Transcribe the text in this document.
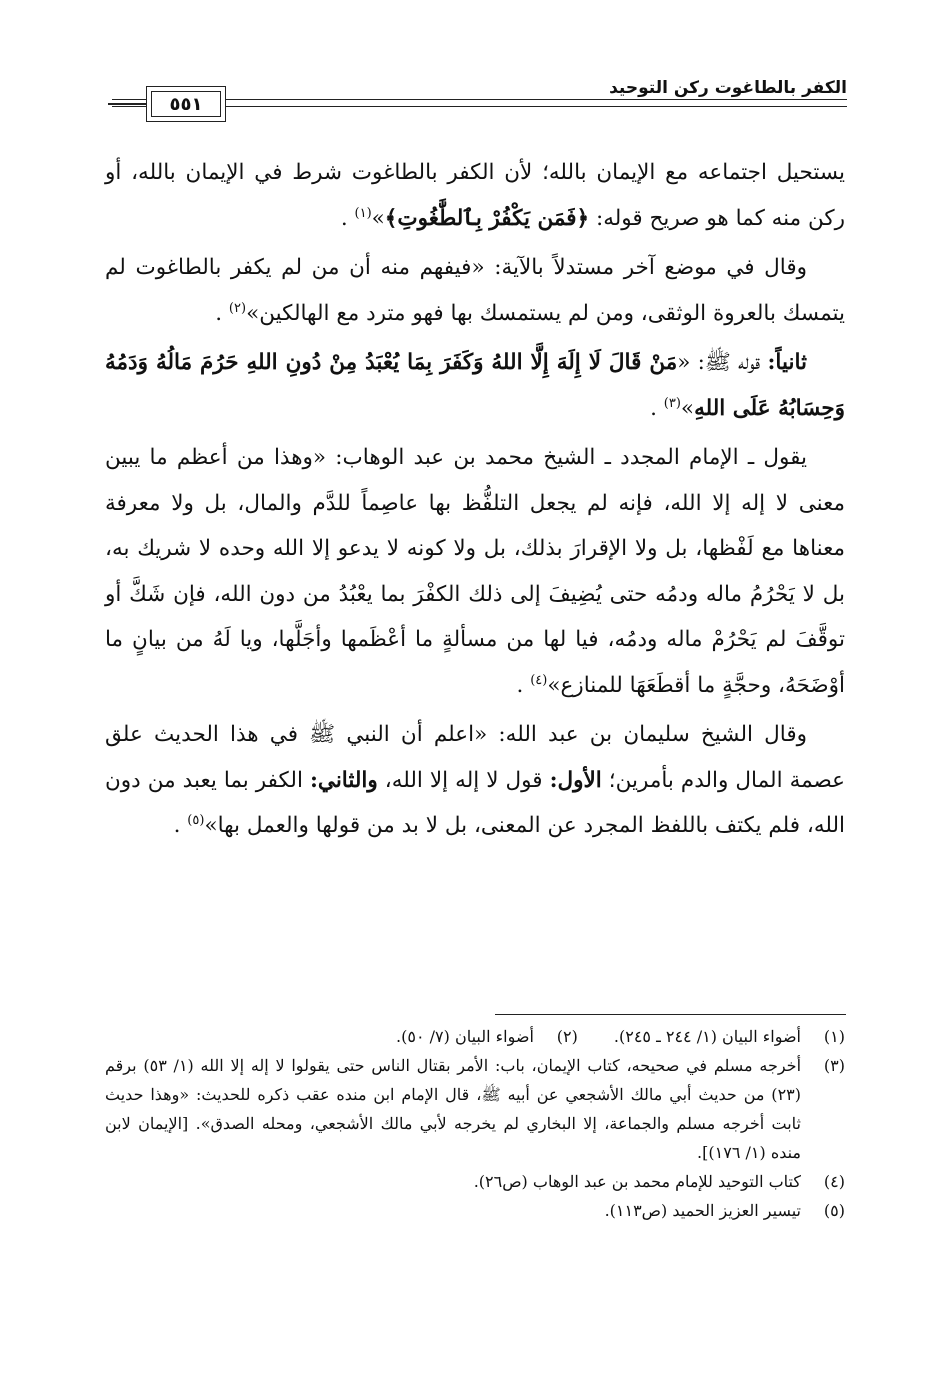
الكفر بالطاغوت ركن التوحيد
٥٥١

يستحيل اجتماعه مع الإيمان بالله؛ لأن الكفر بالطاغوت شرط في الإيمان بالله، أو ركن منه كما هو صريح قوله: ﴿فَمَن يَكْفُرْ بِٱلطَّٰغُوتِ﴾»$^{(١)}$ .

وقال في موضع آخر مستدلاً بالآية: «فيفهم منه أن من لم يكفر بالطاغوت لم يتمسك بالعروة الوثقى، ومن لم يستمسك بها فهو مترد مع الهالكين»$^{(٢)}$ .

ثانياً: قوله ﷺ: «مَنْ قَالَ لَا إِلَهَ إِلَّا اللهُ وَكَفَرَ بِمَا يُعْبَدُ مِنْ دُونِ اللهِ حَرُمَ مَالُهُ وَدَمُهُ وَحِسَابُهُ عَلَى اللهِ»$^{(٣)}$ .

يقول ـ الإمام المجدد ـ الشيخ محمد بن عبد الوهاب: «وهذا من أعظم ما يبين معنى لا إله إلا الله، فإنه لم يجعل التلفُّظ بها عاصِماً للدَّم والمال، بل ولا معرفة معناها مع لَفْظها، بل ولا الإقرارَ بذلك، بل ولا كونه لا يدعو إلا الله وحده لا شريك به، بل لا يَحْرُمُ ماله ودمُه حتى يُضِيفَ إلى ذلك الكفْرَ بما يعْبُدُ من دون الله، فإن شَكَّ أو توقَّفَ لم يَحْرُمْ ماله ودمُه، فيا لها من مسألةٍ ما أعْظَمها وأجَلَّها، ويا لَهُ من بيانٍ ما أوْضَحَهُ، وحجَّةٍ ما أقطَعَهَا للمنازع»$^{(٤)}$ .

وقال الشيخ سليمان بن عبد الله: «اعلم أن النبي ﷺ في هذا الحديث علق عصمة المال والدم بأمرين؛ الأول: قول لا إله إلا الله، والثاني: الكفر بما يعبد من دون الله، فلم يكتف باللفظ المجرد عن المعنى، بل لا بد من قولها والعمل بها»$^{(٥)}$ .

(١)
أضواء البيان (١/ ٢٤٤ ـ ٢٤٥).
(٢)
أضواء البيان (٧/ ٥٠).
(٣)
أخرجه مسلم في صحيحه، كتاب الإيمان، باب: الأمر بقتال الناس حتى يقولوا لا إله إلا الله (١/ ٥٣) برقم (٢٣) من حديث أبي مالك الأشجعي عن أبيه ﷺ، قال الإمام ابن منده عقب ذكره للحديث: «وهذا حديث ثابت أخرجه مسلم والجماعة، إلا البخاري لم يخرجه لأبي مالك الأشجعي، ومحله الصدق». [الإيمان لابن منده (١/ ١٧٦)].
(٤)
كتاب التوحيد للإمام محمد بن عبد الوهاب (ص٢٦).
(٥)
تيسير العزيز الحميد (ص١١٣).
